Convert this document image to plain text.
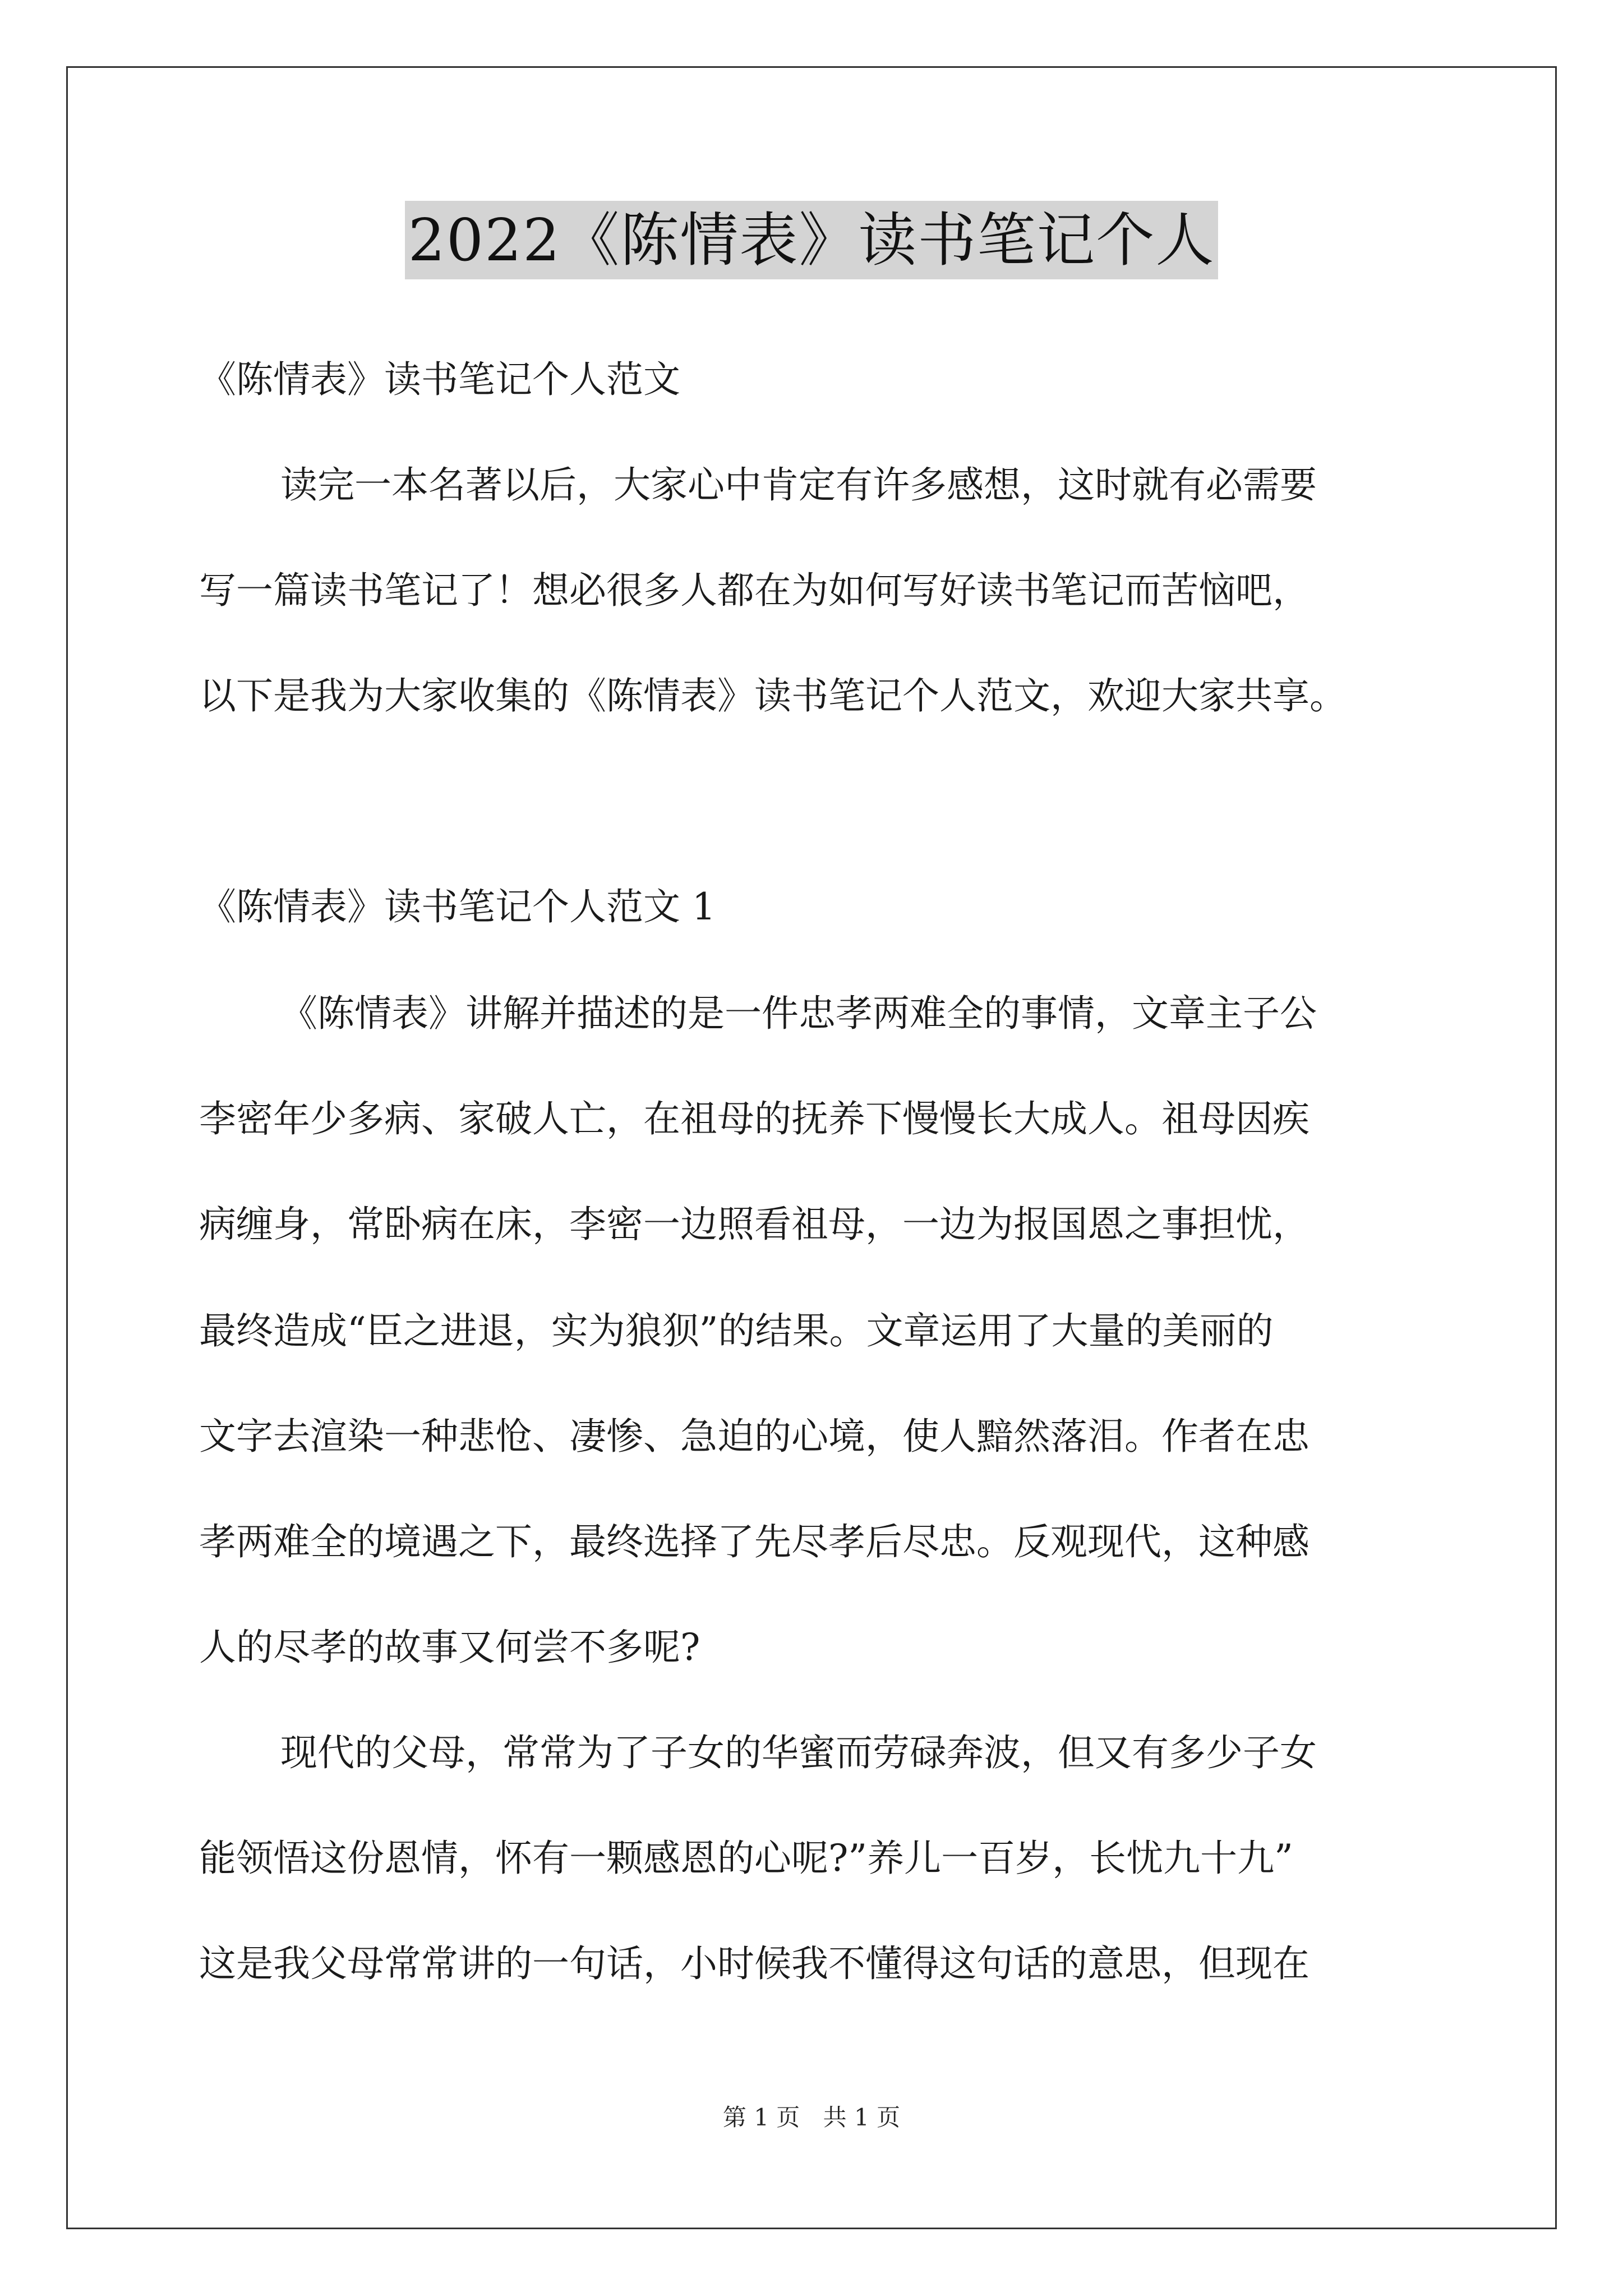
2022《陈情表》读书笔记个人
《陈情表》读书笔记个人范文
读完一本名著以后，大家心中肯定有许多感想，这时就有必需要
写一篇读书笔记了！想必很多人都在为如何写好读书笔记而苦恼吧，
以下是我为大家收集的《陈情表》读书笔记个人范文，欢迎大家共享。
《陈情表》读书笔记个人范文 1
《陈情表》讲解并描述的是一件忠孝两难全的事情，文章主子公
李密年少多病、家破人亡，在祖母的抚养下慢慢长大成人。祖母因疾
病缠身，常卧病在床，李密一边照看祖母，一边为报国恩之事担忧，
最终造成“臣之进退，实为狼狈”的结果。文章运用了大量的美丽的
文字去渲染一种悲怆、凄惨、急迫的心境，使人黯然落泪。作者在忠
孝两难全的境遇之下，最终选择了先尽孝后尽忠。反观现代，这种感
人的尽孝的故事又何尝不多呢?
现代的父母，常常为了子女的华蜜而劳碌奔波，但又有多少子女
能领悟这份恩情，怀有一颗感恩的心呢?”养儿一百岁，长忧九十九”
这是我父母常常讲的一句话，小时候我不懂得这句话的意思，但现在
第 1 页 共 1 页
